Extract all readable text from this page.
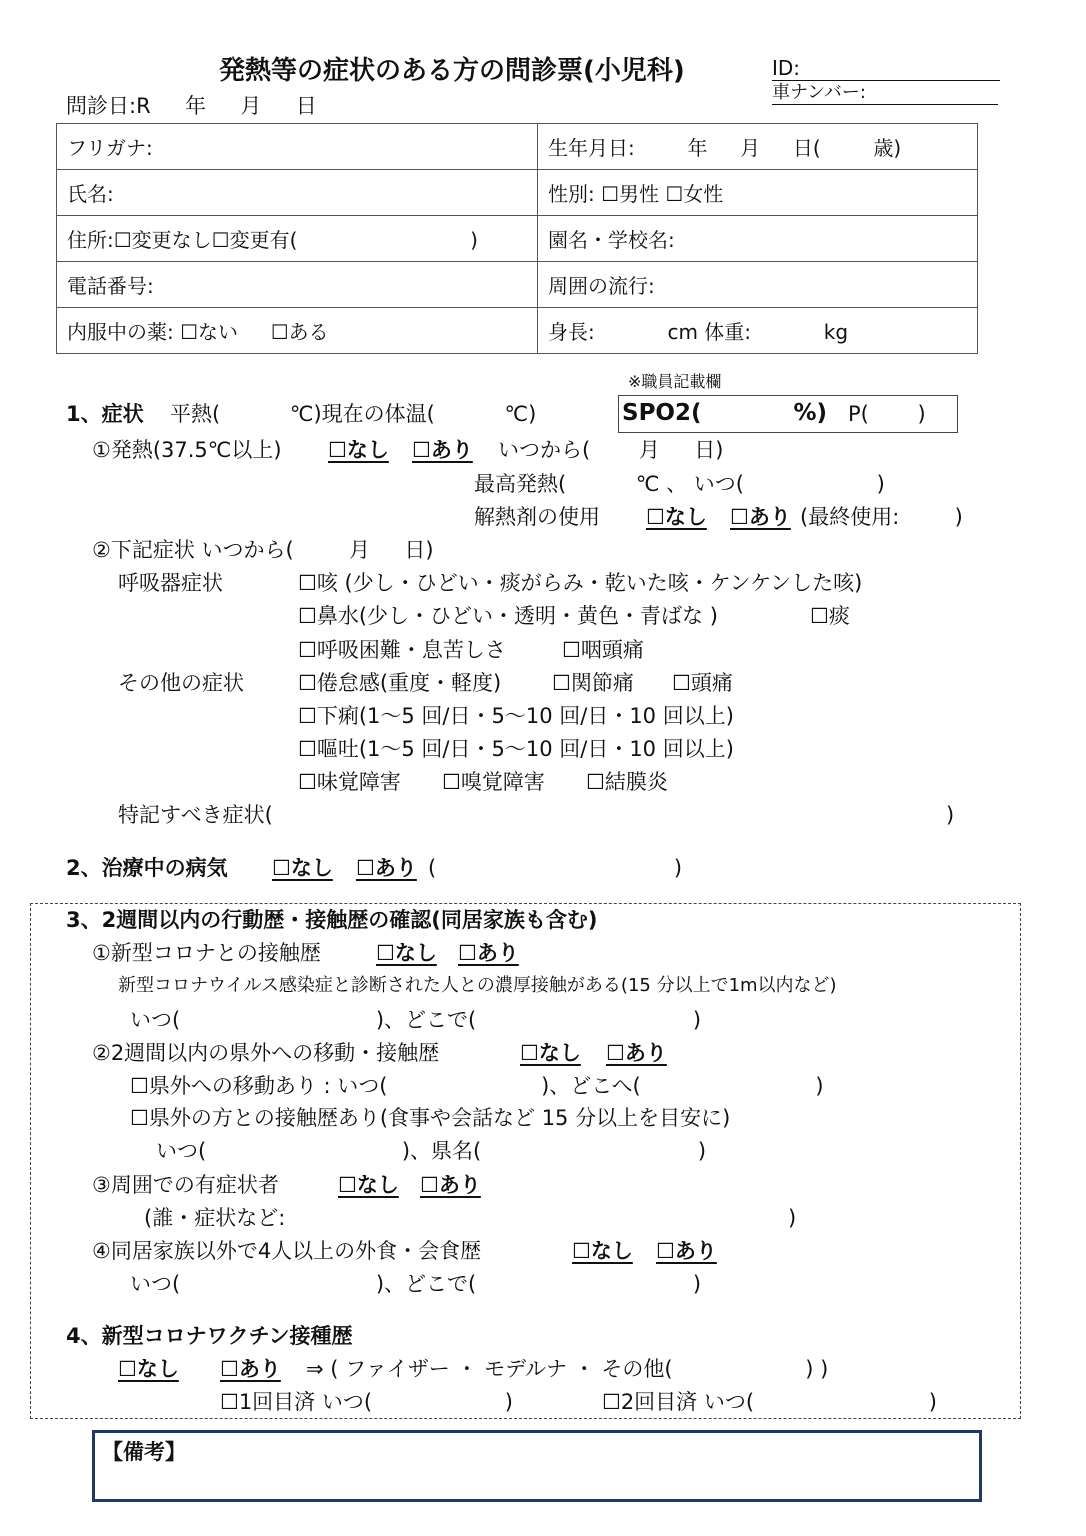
発熱等の症状のある方の問診票(小児科)	ID:
車ナンバー:
問診日:R 　 年 　 月 　 日
フリガナ:	生年月日:　 　 年 　 月 　 日(　 　 歳)
氏名:	性別: ☐男性 ☐女性
住所:☐変更なし☐変更有(　　　　　　　 　 )	園名・学校名:
電話番号:	周囲の流行:
内服中の薬: ☐ない 　 ☐ある	身長: 　　　 cm 体重: 　　　 kg
※職員記載欄
1、症状 平熱(　　　 ℃)現在の体温(　　　 ℃)	SPO2(　　　　%) P(　　 )
①発熱(37.5℃以上) ☐なし ☐あり いつから(　　 月 　 日)
最高発熱(　　　 ℃ 、 いつ(　　　　　　 )
解熱剤の使用 ☐なし ☐あり (最終使用: 　 　)
②下記症状 いつから(　 　 月 　 日)
呼吸器症状	☐咳 (少し・ひどい・痰がらみ・乾いた咳・ケンケンした咳)
☐鼻水(少し・ひどい・透明・黄色・青ばな )	☐痰
☐呼吸困難・息苦しさ	☐咽頭痛
その他の症状	☐倦怠感(重度・軽度) ☐関節痛 ☐頭痛
☐下痢(1〜5 回/日・5〜10 回/日・10 回以上)
☐嘔吐(1〜5 回/日・5〜10 回/日・10 回以上)
☐味覚障害 ☐嗅覚障害 ☐結膜炎
特記すべき症状(	)
2、治療中の病気 ☐なし ☐あり (　　　　　　　　　　　 )
3、2週間以内の行動歴・接触歴の確認(同居家族も含む)
①新型コロナとの接触歴	☐なし ☐あり
新型コロナウイルス感染症と診断された人との濃厚接触がある(15 分以上で1m以内など)
いつ(　　　　　　　　　 )、どこで(　　　　　　　　　　 )
②2週間以内の県外への移動・接触歴	☐なし ☐あり
☐県外への移動あり : いつ(　　　　　　　 )、どこへ(　　　　　　　　 )
☐県外の方との接触歴あり(食事や会話など 15 分以上を目安に)
いつ(　　　　　　　　　 )、県名(　　　　　　　　　　 )
③周囲での有症状者	☐なし ☐あり
(誰・症状など:	)
④同居家族以外で4人以上の外食・会食歴	☐なし ☐あり
いつ(　　　　　　　　　 )、どこで(　　　　　　　　　　 )
4、新型コロナワクチン接種歴
☐なし ☐あり ⇒ ( ファイザー ・ モデルナ ・ その他(　　　　　　 ) )
☐1回目済 いつ(　　　　　　 )	☐2回目済 いつ(　　　　　　　　 )
【備考】
